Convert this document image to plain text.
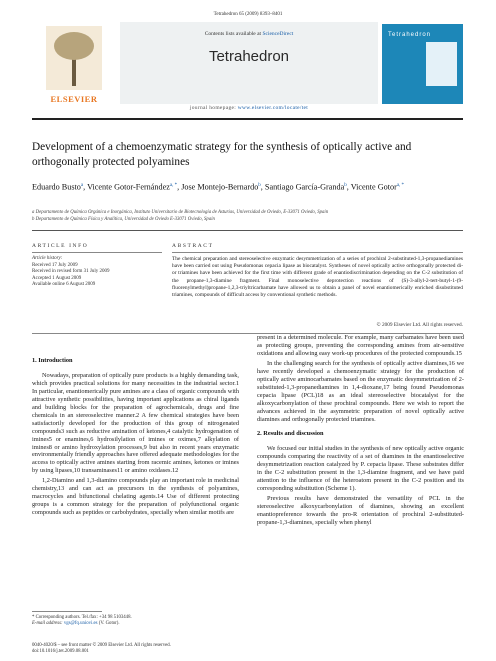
Tetrahedron 65 (2009) 8393–8401
ELSEVIER
Contents lists available at ScienceDirect
Tetrahedron
Tetrahedron
journal homepage: www.elsevier.com/locate/tet
Development of a chemoenzymatic strategy for the synthesis of optically active and orthogonally protected polyamines
Eduardo Busto$^a$, Vicente Gotor-Fernández$^{a, *}$, Jose Montejo-Bernardo$^b$, Santiago García-Granda$^b$, Vicente Gotor$^{a, *}$
a Departamento de Química Orgánica e Inorgánica, Instituto Universitario de Biotecnología de Asturias, Universidad de Oviedo, E-33071 Oviedo, Spain
b Departamento de Química Física y Analítica, Universidad de Oviedo E-33071 Oviedo, Spain
ARTICLE INFO	ABSTRACT
Article history:
Received 17 July 2009
Received in revised form 31 July 2009
Accepted 1 August 2009
Available online 6 August 2009
The chemical preparation and stereoselective enzymatic desymmetrization of a series of prochiral 2-substituted-1,3-propanediamines have been carried out using Pseudomonas cepacia lipase as biocatalyst. Syntheses of novel optically active orthogonally protected di- or triamines have been achieved for the first time with different grade of enantiodiscrimination depending on the C-2 substitution of the propane-1,3-diamine fragment. Final monoselective deprotection reactions of (S)-3-allyl-2-tert-butyl-1-(9-fluorenylmethyl)propane-1,2,3-triyltricarbamate have allowed us to obtain a panel of novel enantiomerically enriched disubstituted triamines, compounds of difficult access by conventional synthetic methods.
© 2009 Elsevier Ltd. All rights reserved.
1. Introduction

Nowadays, preparation of optically pure products is a highly demanding task, which provides practical solutions for many necessities in the industrial sector.1 In particular, enantiomerically pure amines are a class of organic compounds with attractive synthetic possibilities, having important applications as chiral ligands and building blocks for the preparation of agrochemicals, drugs and fine chemicals in an stereoselective manner.2 A few chemical strategies have been satisfactorily developed for the production of this group of nitrogenated compounds3 such as reductive amination of ketones,4 catalytic hydrogenation of imines5 or enamines,6 hydrosilylation of imines or oximes,7 alkylation of imines8 or amino hydroxylation processes,9 but also in recent years enzymatic environmentally friendly approaches have offered adequate methodologies for the access to optically active amines starting from racemic amines, ketones or imines by using lipases,10 transaminases11 or amino oxidases.12

1,2-Diamino and 1,3-diamino compounds play an important role in medicinal chemistry,13 and can act as precursors in the synthesis of polyamines, macrocycles and bifunctional chelating agents.14 Use of different protecting groups is a common strategy for the preparation of polyfunctional organic compounds such as peptides or carbohydrates, specially when similar motifs are

present in a determined molecule. For example, many carbamates have been used as protecting groups, preventing the corresponding amines from air-sensitive oxidations and allowing easy work-up procedures of the protected compounds.15

In the challenging search for the synthesis of optically active diamines,16 we have recently developed a chemoenzymatic strategy for the production of optically active aminocarbamates based on the enzymatic desymmetrization of 2-substituted-1,3-propanediamines in 1,4-dioxane,17 being found Pseudomonas cepacia lipase (PCL)18 as an ideal stereoselective biocatalyst for the alkoxycarbonylation of these prochiral compounds. Here we wish to report the advances achieved in the asymmetric preparation of novel optically active diamines and orthogonally protected triamines.

2. Results and discussion

We focused our initial studies in the synthesis of new optically active organic compounds comparing the reactivity of a set of diamines in the enantioselective desymmetrization reaction catalyzed by P. cepacia lipase. These substrates differ in the C-2 substitution present in the 1,3-diamine fragment, and we have paid attention to the influence of the heteroatom present in the C-2 position and its corresponding substitution (Scheme 1).

Previous results have demonstrated the versatility of PCL in the stereoselective alkoxycarbonylation of diamines, showing an excellent enantiopreference towards the pro-R orientation of prochiral 2-substituted-propane-1,3-diamines, specially when phenyl

* Corresponding authors. Tel./fax: +34 98 5103448.
E-mail address: vgs@fq.uniovi.es (V. Gotor).
0040-4020/$ – see front matter © 2009 Elsevier Ltd. All rights reserved.
doi:10.1016/j.tet.2009.08.001
